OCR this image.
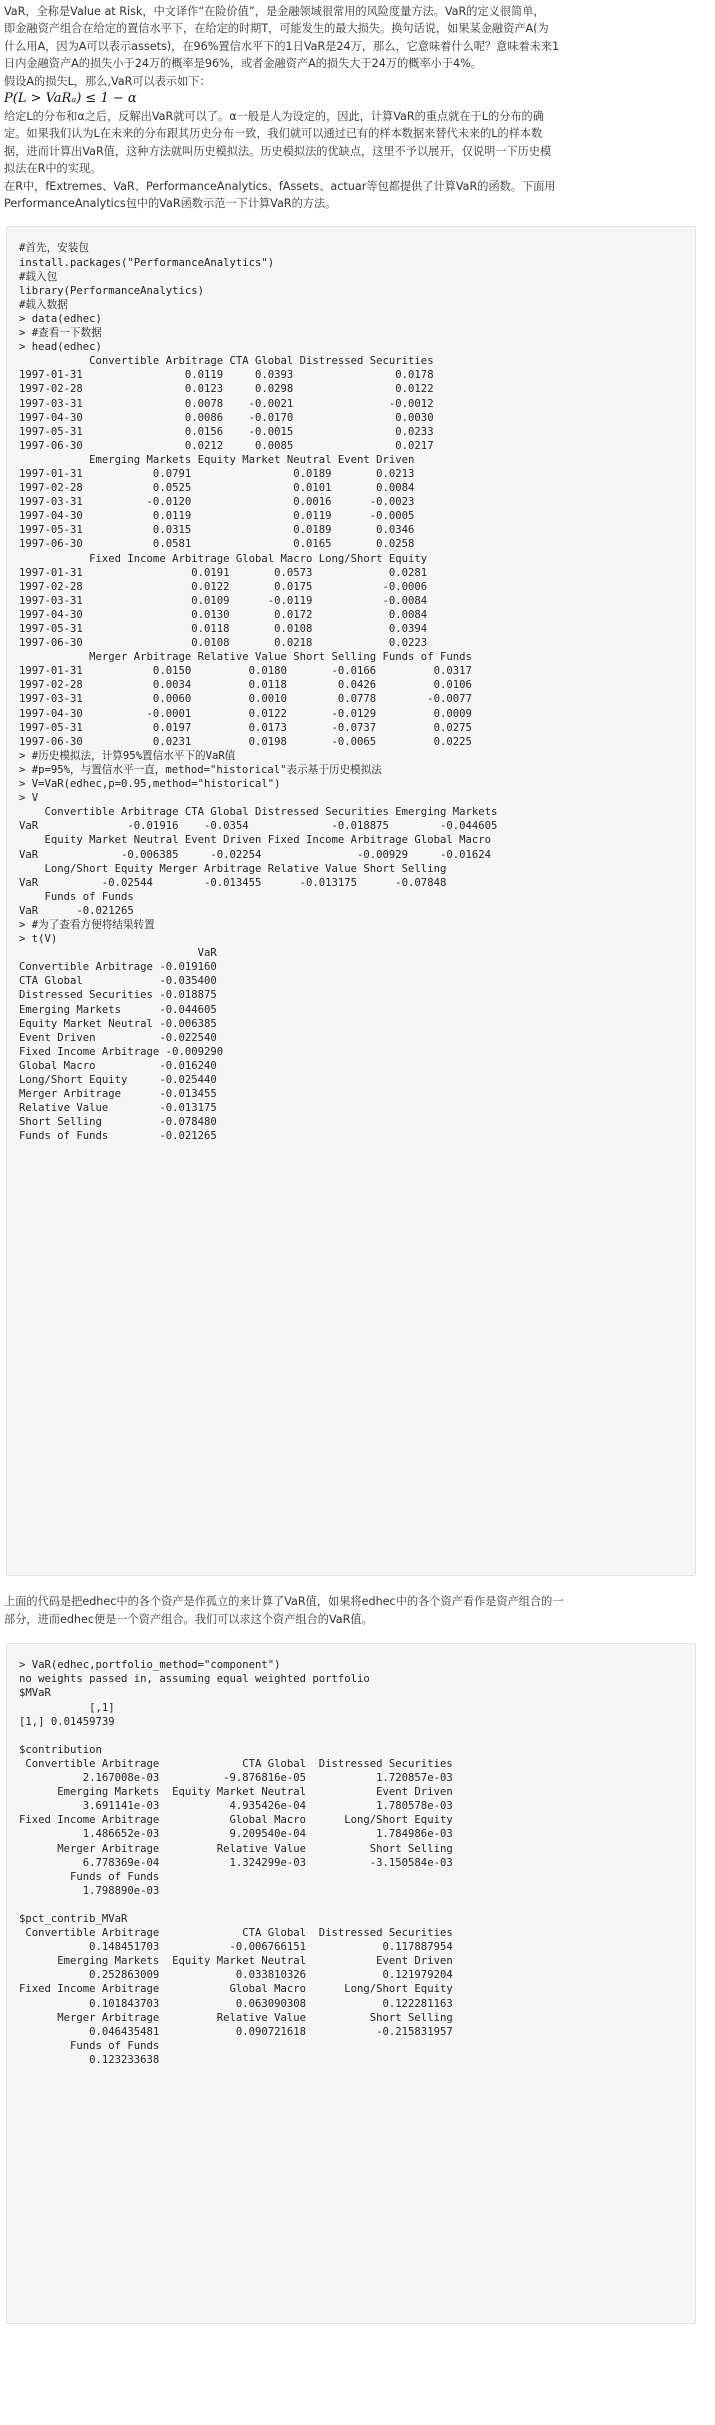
VaR，全称是Value at Risk，中文译作“在险价值”，是金融领域很常用的风险度量方法。VaR的定义很简单，

即金融资产组合在给定的置信水平下，在给定的时期T，可能发生的最大损失。换句话说，如果某金融资产A(为

什么用A，因为A可以表示assets)，在96%置信水平下的1日VaR是24万，那么，它意味着什么呢？意味着未来1

日内金融资产A的损失小于24万的概率是96%，或者金融资产A的损失大于24万的概率小于4%。

假设A的损失L，那么,VaR可以表示如下：

P(L > VaRₐ) ≤ 1 − α

给定L的分布和α之后，反解出VaR就可以了。α一般是人为设定的，因此，计算VaR的重点就在于L的分布的确

定。如果我们认为L在未来的分布跟其历史分布一致，我们就可以通过已有的样本数据来替代未来的L的样本数

据，进而计算出VaR值，这种方法就叫历史模拟法。历史模拟法的优缺点，这里不予以展开，仅说明一下历史模

拟法在R中的实现。

在R中，fExtremes、VaR、PerformanceAnalytics、fAssets、actuar等包都提供了计算VaR的函数。下面用

PerformanceAnalytics包中的VaR函数示范一下计算VaR的方法。

#首先，安装包
install.packages("PerformanceAnalytics")
#载入包
library(PerformanceAnalytics)
#载入数据
> data(edhec)
> #查看一下数据
> head(edhec)
Convertible Arbitrage CTA Global Distressed Securities
1997-01-31                0.0119     0.0393                0.0178
1997-02-28                0.0123     0.0298                0.0122
1997-03-31                0.0078    -0.0021               -0.0012
1997-04-30                0.0086    -0.0170                0.0030
1997-05-31                0.0156    -0.0015                0.0233
1997-06-30                0.0212     0.0085                0.0217
Emerging Markets Equity Market Neutral Event Driven
1997-01-31           0.0791                0.0189       0.0213
1997-02-28           0.0525                0.0101       0.0084
1997-03-31          -0.0120                0.0016      -0.0023
1997-04-30           0.0119                0.0119      -0.0005
1997-05-31           0.0315                0.0189       0.0346
1997-06-30           0.0581                0.0165       0.0258
Fixed Income Arbitrage Global Macro Long/Short Equity
1997-01-31                 0.0191       0.0573            0.0281
1997-02-28                 0.0122       0.0175           -0.0006
1997-03-31                 0.0109      -0.0119           -0.0084
1997-04-30                 0.0130       0.0172            0.0084
1997-05-31                 0.0118       0.0108            0.0394
1997-06-30                 0.0108       0.0218            0.0223
Merger Arbitrage Relative Value Short Selling Funds of Funds
1997-01-31           0.0150         0.0180       -0.0166         0.0317
1997-02-28           0.0034         0.0118        0.0426         0.0106
1997-03-31           0.0060         0.0010        0.0778        -0.0077
1997-04-30          -0.0001         0.0122       -0.0129         0.0009
1997-05-31           0.0197         0.0173       -0.0737         0.0275
1997-06-30           0.0231         0.0198       -0.0065         0.0225
> #历史模拟法，计算95%置信水平下的VaR值
> #p=95%，与置信水平一直，method="historical"表示基于历史模拟法
> V=VaR(edhec,p=0.95,method="historical")
> V
Convertible Arbitrage CTA Global Distressed Securities Emerging Markets
VaR              -0.01916    -0.0354             -0.018875        -0.044605
Equity Market Neutral Event Driven Fixed Income Arbitrage Global Macro
VaR             -0.006385     -0.02254               -0.00929     -0.01624
Long/Short Equity Merger Arbitrage Relative Value Short Selling
VaR          -0.02544        -0.013455      -0.013175      -0.07848
Funds of Funds
VaR      -0.021265
> #为了查看方便将结果转置
> t(V)
VaR
Convertible Arbitrage -0.019160
CTA Global            -0.035400
Distressed Securities -0.018875
Emerging Markets      -0.044605
Equity Market Neutral -0.006385
Event Driven          -0.022540
Fixed Income Arbitrage -0.009290
Global Macro          -0.016240
Long/Short Equity     -0.025440
Merger Arbitrage      -0.013455
Relative Value        -0.013175
Short Selling         -0.078480
Funds of Funds        -0.021265

上面的代码是把edhec中的各个资产是作孤立的来计算了VaR值，如果将edhec中的各个资产看作是资产组合的一

部分，进而edhec便是一个资产组合。我们可以求这个资产组合的VaR值。

> VaR(edhec,portfolio_method="component")
no weights passed in, assuming equal weighted portfolio
$MVaR
[,1]
[1,] 0.01459739

$contribution
Convertible Arbitrage             CTA Global  Distressed Securities
2.167008e-03          -9.876816e-05           1.720857e-03
Emerging Markets  Equity Market Neutral           Event Driven
3.691141e-03           4.935426e-04           1.780578e-03
Fixed Income Arbitrage           Global Macro      Long/Short Equity
1.486652e-03           9.209540e-04           1.784986e-03
Merger Arbitrage         Relative Value          Short Selling
6.778369e-04           1.324299e-03          -3.150584e-03
Funds of Funds
1.798890e-03

$pct_contrib_MVaR
Convertible Arbitrage             CTA Global  Distressed Securities
0.148451703           -0.006766151            0.117887954
Emerging Markets  Equity Market Neutral           Event Driven
0.252863009            0.033810326            0.121979204
Fixed Income Arbitrage           Global Macro      Long/Short Equity
0.101843703            0.063090308            0.122281163
Merger Arbitrage         Relative Value          Short Selling
0.046435481            0.090721618           -0.215831957
Funds of Funds
0.123233638
